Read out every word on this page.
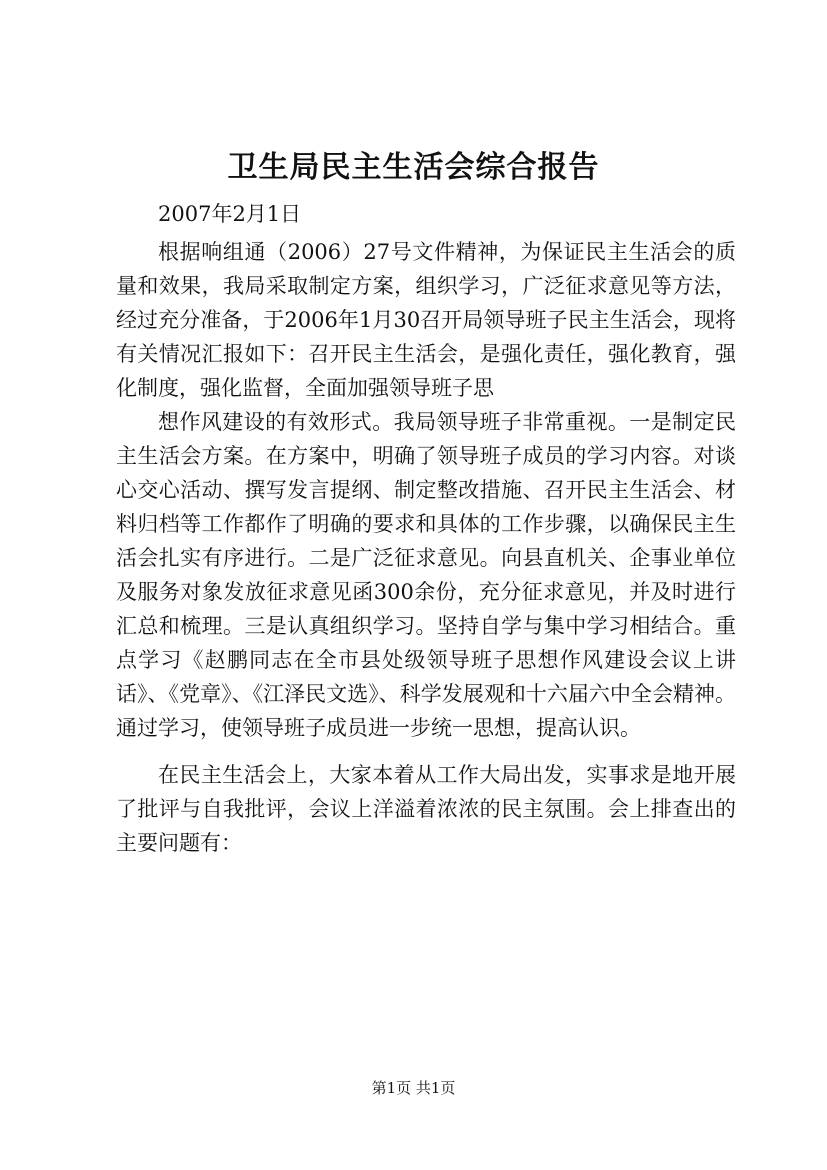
卫生局民主生活会综合报告

2007年2月1日

根据响组通（2006）27号文件精神，为保证民主生活会的质量和效果，我局采取制定方案，组织学习，广泛征求意见等方法，经过充分准备，于2006年1月30召开局领导班子民主生活会，现将有关情况汇报如下：召开民主生活会，是强化责任，强化教育，强化制度，强化监督，全面加强领导班子思

想作风建设的有效形式。我局领导班子非常重视。一是制定民主生活会方案。在方案中，明确了领导班子成员的学习内容。对谈心交心活动、撰写发言提纲、制定整改措施、召开民主生活会、材料归档等工作都作了明确的要求和具体的工作步骤，以确保民主生活会扎实有序进行。二是广泛征求意见。向县直机关、企事业单位及服务对象发放征求意见函300余份，充分征求意见，并及时进行汇总和梳理。三是认真组织学习。坚持自学与集中学习相结合。重点学习《赵鹏同志在全市县处级领导班子思想作风建设会议上讲话》、《党章》、《江泽民文选》、科学发展观和十六届六中全会精神。通过学习，使领导班子成员进一步统一思想，提高认识。

在民主生活会上，大家本着从工作大局出发，实事求是地开展了批评与自我批评，会议上洋溢着浓浓的民主氛围。会上排查出的主要问题有：

第1页 共1页
